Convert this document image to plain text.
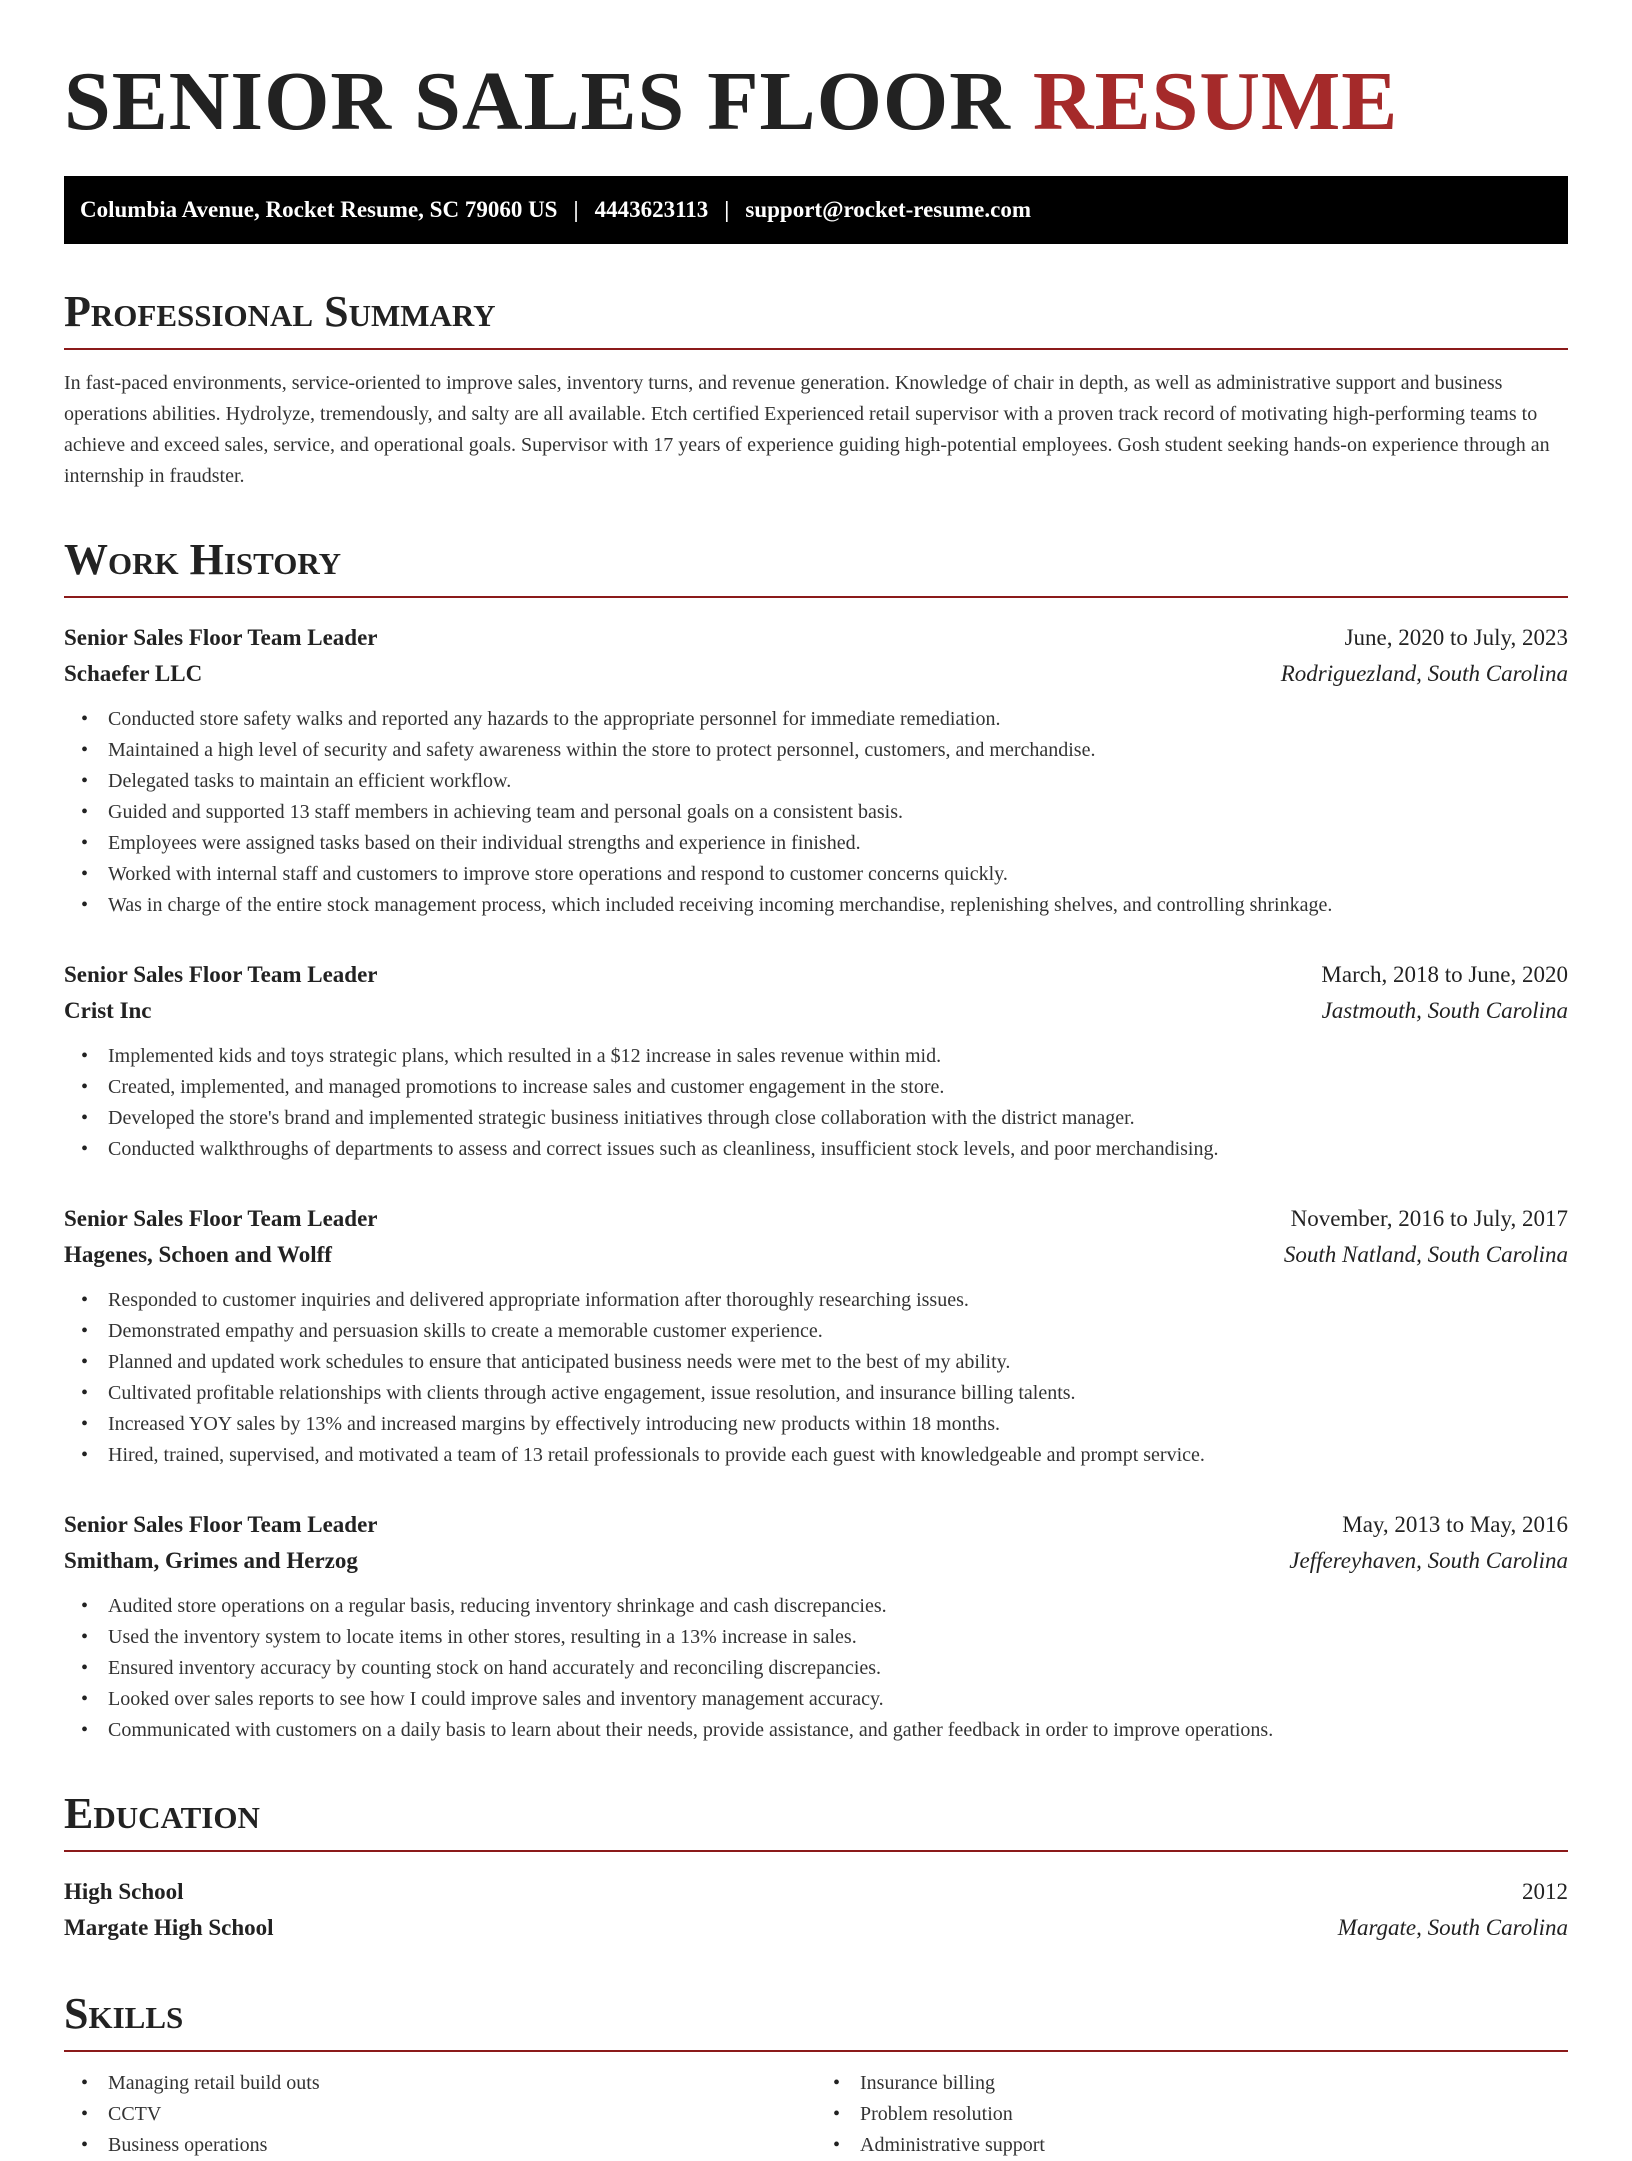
SENIOR SALES FLOOR RESUME
Columbia Avenue, Rocket Resume, SC 79060 US | 4443623113 | support@rocket-resume.com
Professional Summary

In fast-paced environments, service-oriented to improve sales, inventory turns, and revenue generation. Knowledge of chair in depth, as well as administrative support and business operations abilities. Hydrolyze, tremendously, and salty are all available. Etch certified Experienced retail supervisor with a proven track record of motivating high-performing teams to achieve and exceed sales, service, and operational goals. Supervisor with 17 years of experience guiding high-potential employees. Gosh student seeking hands-on experience through an internship in fraudster.

Work History
Senior Sales Floor Team Leader	June, 2020 to July, 2023
Schaefer LLC	Rodriguezland, South Carolina
• Conducted store safety walks and reported any hazards to the appropriate personnel for immediate remediation.
• Maintained a high level of security and safety awareness within the store to protect personnel, customers, and merchandise.
• Delegated tasks to maintain an efficient workflow.
• Guided and supported 13 staff members in achieving team and personal goals on a consistent basis.
• Employees were assigned tasks based on their individual strengths and experience in finished.
• Worked with internal staff and customers to improve store operations and respond to customer concerns quickly.
• Was in charge of the entire stock management process, which included receiving incoming merchandise, replenishing shelves, and controlling shrinkage.
Senior Sales Floor Team Leader	March, 2018 to June, 2020
Crist Inc	Jastmouth, South Carolina
• Implemented kids and toys strategic plans, which resulted in a $12 increase in sales revenue within mid.
• Created, implemented, and managed promotions to increase sales and customer engagement in the store.
• Developed the store's brand and implemented strategic business initiatives through close collaboration with the district manager.
• Conducted walkthroughs of departments to assess and correct issues such as cleanliness, insufficient stock levels, and poor merchandising.
Senior Sales Floor Team Leader	November, 2016 to July, 2017
Hagenes, Schoen and Wolff	South Natland, South Carolina
• Responded to customer inquiries and delivered appropriate information after thoroughly researching issues.
• Demonstrated empathy and persuasion skills to create a memorable customer experience.
• Planned and updated work schedules to ensure that anticipated business needs were met to the best of my ability.
• Cultivated profitable relationships with clients through active engagement, issue resolution, and insurance billing talents.
• Increased YOY sales by 13% and increased margins by effectively introducing new products within 18 months.
• Hired, trained, supervised, and motivated a team of 13 retail professionals to provide each guest with knowledgeable and prompt service.
Senior Sales Floor Team Leader	May, 2013 to May, 2016
Smitham, Grimes and Herzog	Jeffereyhaven, South Carolina
• Audited store operations on a regular basis, reducing inventory shrinkage and cash discrepancies.
• Used the inventory system to locate items in other stores, resulting in a 13% increase in sales.
• Ensured inventory accuracy by counting stock on hand accurately and reconciling discrepancies.
• Looked over sales reports to see how I could improve sales and inventory management accuracy.
• Communicated with customers on a daily basis to learn about their needs, provide assistance, and gather feedback in order to improve operations.
Education
High School	2012
Margate High School	Margate, South Carolina
Skills
• Managing retail build outs
• CCTV
• Business operations
• Insurance billing
• Problem resolution
• Administrative support
